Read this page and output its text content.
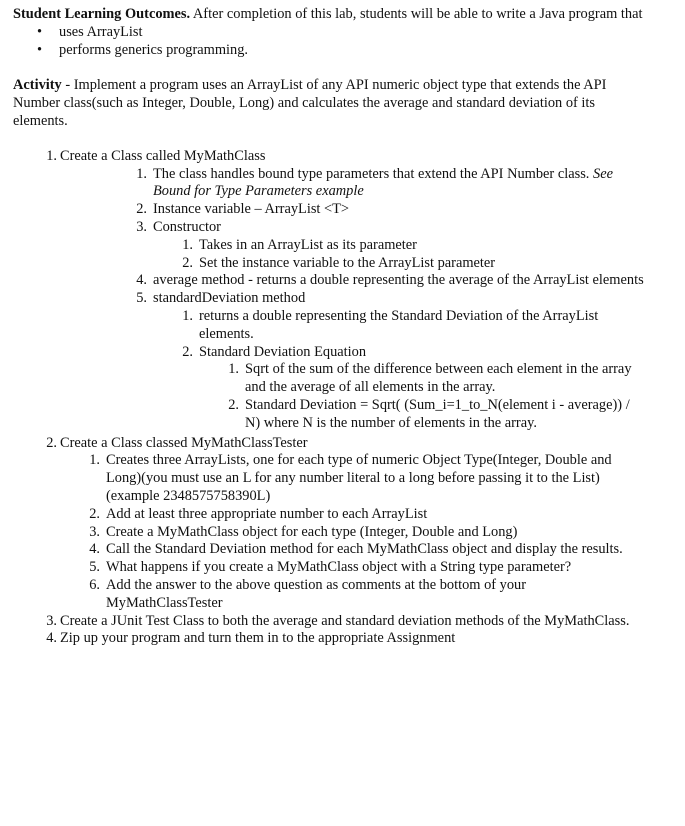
Student Learning Outcomes. After completion of this lab, students will be able to write a Java program that

• uses ArrayList
• performs generics programming.

Activity - Implement a program uses an ArrayList of any API numeric object type that extends the API Number class(such as Integer, Double, Long) and calculates the average and standard deviation of its elements.

1. Create a Class called MyMathClass
1. The class handles bound type parameters that extend the API Number class. See Bound for Type Parameters example
2. Instance variable – ArrayList <T>
3. Constructor
1. Takes in an ArrayList as its parameter
2. Set the instance variable to the ArrayList parameter
4. average method - returns a double representing the average of the ArrayList elements
5. standardDeviation method
1. returns a double representing the Standard Deviation of the ArrayList elements.
2. Standard Deviation Equation
1. Sqrt of the sum of the difference between each element in the array and the average of all elements in the array.
2. Standard Deviation = Sqrt( (Sum_i=1_to_N(element i - average)) / N) where N is the number of elements in the array.
2. Create a Class classed MyMathClassTester
1. Creates three ArrayLists, one for each type of numeric Object Type(Integer, Double and Long)(you must use an L for any number literal to a long before passing it to the List)(example 2348575758390L)
2. Add at least three appropriate number to each ArrayList
3. Create a MyMathClass object for each type (Integer, Double and Long)
4. Call the Standard Deviation method for each MyMathClass object and display the results.
5. What happens if you create a MyMathClass object with a String type parameter?
6. Add the answer to the above question as comments at the bottom of your MyMathClassTester
3. Create a JUnit Test Class to both the average and standard deviation methods of the MyMathClass.
4. Zip up your program and turn them in to the appropriate Assignment
